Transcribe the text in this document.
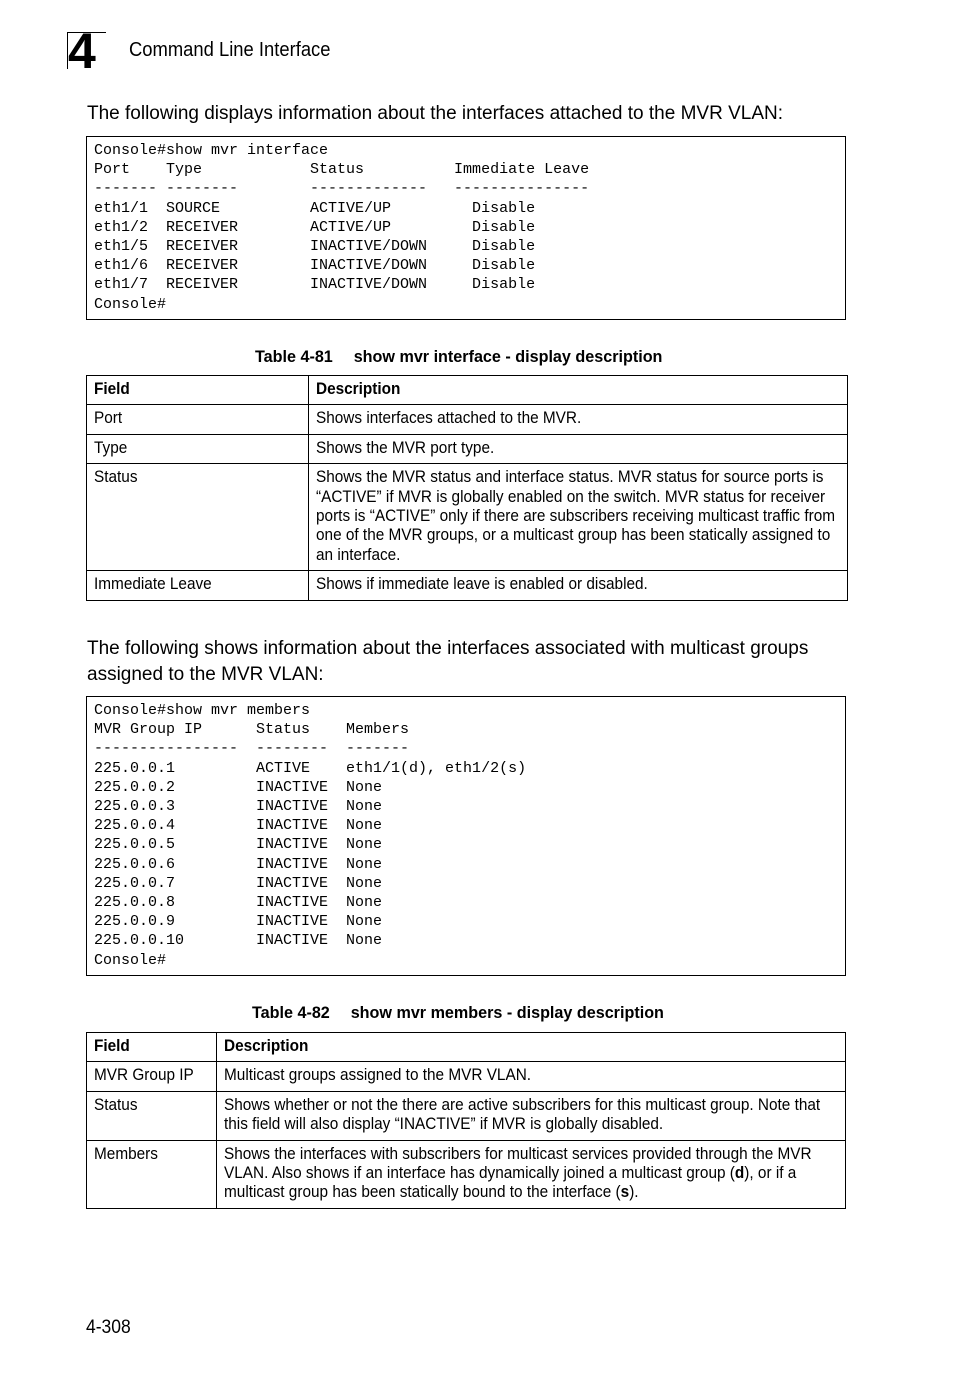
4 Command Line Interface
The following displays information about the interfaces attached to the MVR VLAN:
Console#show mvr interface
Port    Type            Status          Immediate Leave
------- --------        -------------   ---------------
eth1/1  SOURCE          ACTIVE/UP         Disable
eth1/2  RECEIVER        ACTIVE/UP         Disable
eth1/5  RECEIVER        INACTIVE/DOWN     Disable
eth1/6  RECEIVER        INACTIVE/DOWN     Disable
eth1/7  RECEIVER        INACTIVE/DOWN     Disable
Console#
Table 4-81 show mvr interface - display description
Field	Description
Port	Shows interfaces attached to the MVR.
Type	Shows the MVR port type.
Status	Shows the MVR status and interface status. MVR status for source ports is “ACTIVE” if MVR is globally enabled on the switch. MVR status for receiver ports is “ACTIVE” only if there are subscribers receiving multicast traffic from one of the MVR groups, or a multicast group has been statically assigned to an interface.

Immediate Leave	Shows if immediate leave is enabled or disabled.
The following shows information about the interfaces associated with multicast groups assigned to the MVR VLAN:
Console#show mvr members
MVR Group IP      Status    Members
----------------  --------  -------
225.0.0.1         ACTIVE    eth1/1(d), eth1/2(s)
225.0.0.2         INACTIVE  None
225.0.0.3         INACTIVE  None
225.0.0.4         INACTIVE  None
225.0.0.5         INACTIVE  None
225.0.0.6         INACTIVE  None
225.0.0.7         INACTIVE  None
225.0.0.8         INACTIVE  None
225.0.0.9         INACTIVE  None
225.0.0.10        INACTIVE  None
Console#
Table 4-82 show mvr members - display description
Field	Description
MVR Group IP	Multicast groups assigned to the MVR VLAN.
Status	Shows whether or not the there are active subscribers for this multicast group. Note that this field will also display “INACTIVE” if MVR is globally disabled.

Members	Shows the interfaces with subscribers for multicast services provided through the MVR VLAN. Also shows if an interface has dynamically joined a multicast group (d), or if a multicast group has been statically bound to the interface (s).
4-308
